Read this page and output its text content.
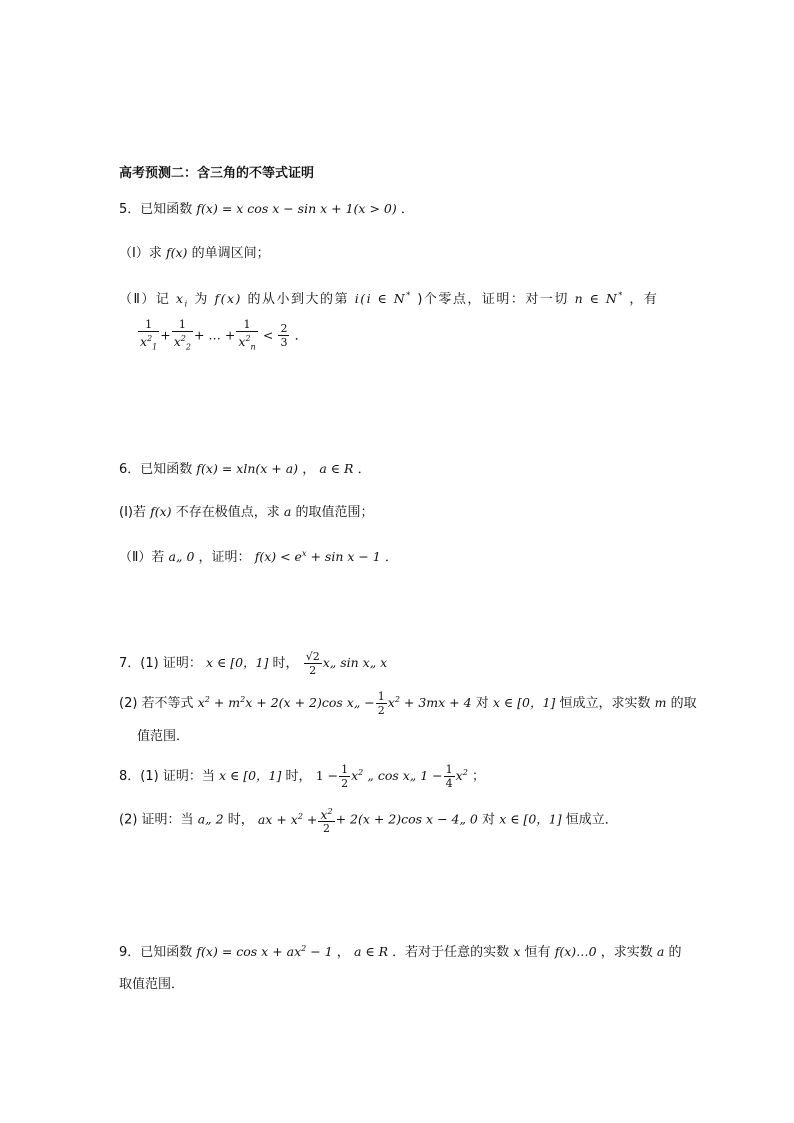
高考预测二：含三角的不等式证明
5．已知函数 f(x) = x cos x − sin x + 1(x > 0) ．
（Ⅰ）求 f(x) 的单调区间；
（Ⅱ）记 $x_i$ 为 f(x) 的从小到大的第 i(i ∈ N* )个零点，证明：对一切 n ∈ N* ，有
$\frac{1}{x^2_1} + \frac{1}{x^2_2}$ + … + $\frac{1}{x^2_n} < \frac{2}{3}$ ．
6．已知函数 f(x) = xln(x + a) ， a ∈ R ．
(I)若 f(x) 不存在极值点，求 a 的取值范围；
（Ⅱ）若 a„ 0 ，证明： $f(x) < e^x + \sin x - 1$ ．
7．(1) 证明： x ∈ [0，1] 时， $\frac{√2}{2}$ x„ sin x„ x
(2) 若不等式 $x^2 + m^2x + 2(x + 2)\cos$ x„ − $\frac{1}{2} x^2 + 3mx + 4$ 对 x ∈ [0，1] 恒成立，求实数 m 的取
值范围．
8．(1) 证明：当 x ∈ [0，1] 时， $1 - \frac{1}{2} x^2$ „ cos x„ $1 - \frac{1}{4} x^2$ ；
(2) 证明：当 a„ 2 时， ax + $x^2 + \frac{x^2}{2} + 2(x + 2)\cos$ x − 4„ 0 对 x ∈ [0，1] 恒成立．
9．已知函数 $f(x) = \cos x + ax^2 - 1$ ， a ∈ R ．若对于任意的实数 x 恒有 f(x)…0 ，求实数 a 的
取值范围．
